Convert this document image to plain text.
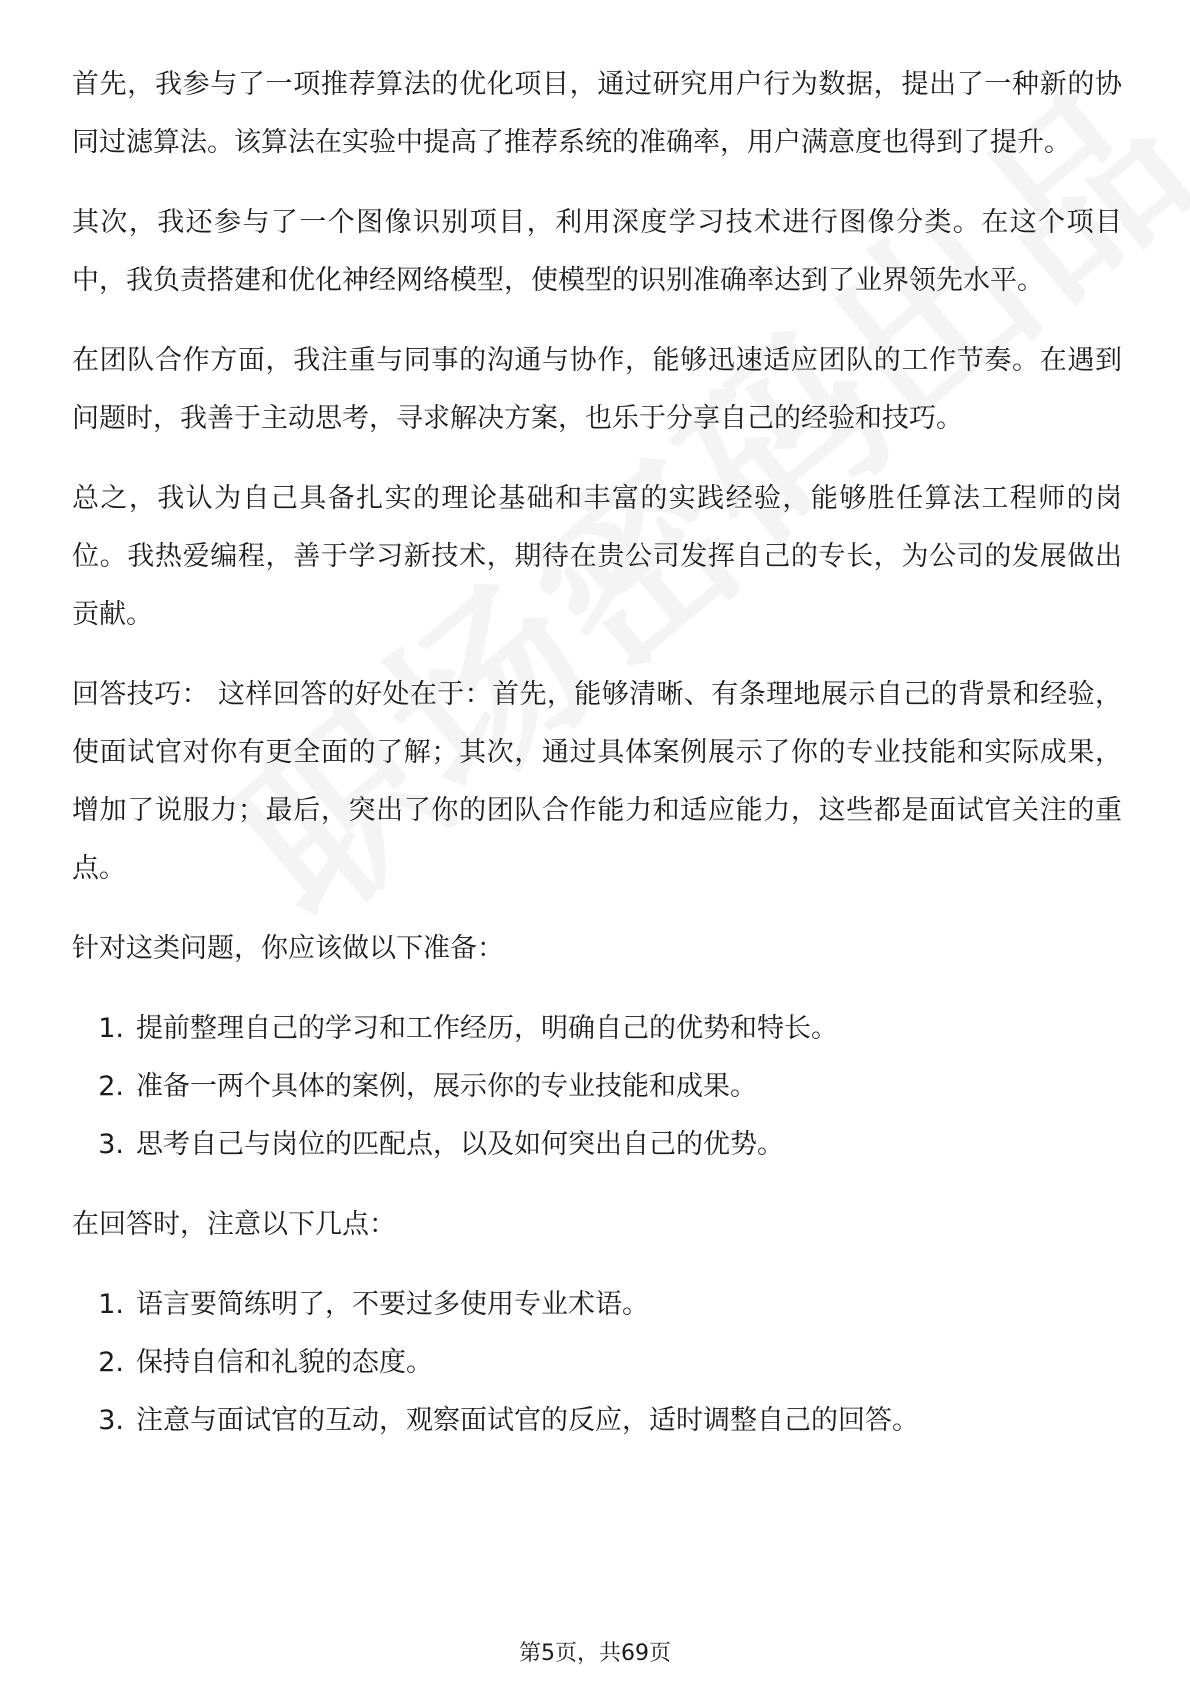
首先，我参与了一项推荐算法的优化项目，通过研究用户行为数据，提出了一种新的协同过滤算法。该算法在实验中提高了推荐系统的准确率，用户满意度也得到了提升。

其次，我还参与了一个图像识别项目，利用深度学习技术进行图像分类。在这个项目中，我负责搭建和优化神经网络模型，使模型的识别准确率达到了业界领先水平。

在团队合作方面，我注重与同事的沟通与协作，能够迅速适应团队的工作节奏。在遇到问题时，我善于主动思考，寻求解决方案，也乐于分享自己的经验和技巧。

总之，我认为自己具备扎实的理论基础和丰富的实践经验，能够胜任算法工程师的岗位。我热爱编程，善于学习新技术，期待在贵公司发挥自己的专长，为公司的发展做出贡献。

回答技巧： 这样回答的好处在于：首先，能够清晰、有条理地展示自己的背景和经验，使面试官对你有更全面的了解；其次，通过具体案例展示了你的专业技能和实际成果，增加了说服力；最后，突出了你的团队合作能力和适应能力，这些都是面试官关注的重点。

针对这类问题，你应该做以下准备：

1. 提前整理自己的学习和工作经历，明确自己的优势和特长。
2. 准备一两个具体的案例，展示你的专业技能和成果。
3. 思考自己与岗位的匹配点，以及如何突出自己的优势。

在回答时，注意以下几点：

1. 语言要简练明了，不要过多使用专业术语。
2. 保持自信和礼貌的态度。
3. 注意与面试官的互动，观察面试官的反应，适时调整自己的回答。
第5页，共69页
